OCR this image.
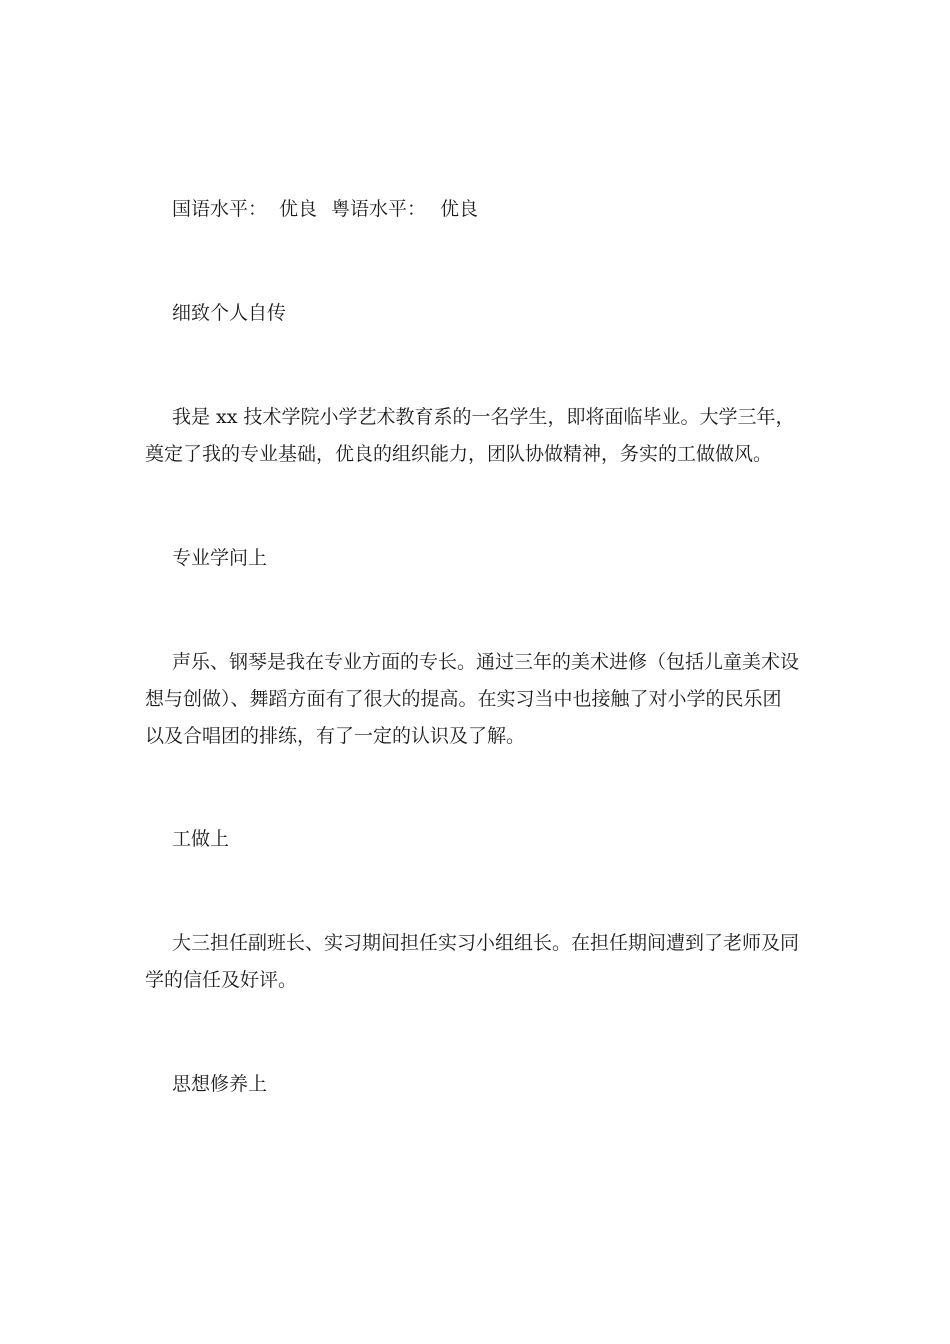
国语水平： 优良 粤语水平： 优良
细致个人自传
我是 xx 技术学院小学艺术教育系的一名学生，即将面临毕业。大学三年，
奠定了我的专业基础，优良的组织能力，团队协做精神，务实的工做做风。
专业学问上
声乐、钢琴是我在专业方面的专长。通过三年的美术进修（包括儿童美术设
想与创做）、舞蹈方面有了很大的提高。在实习当中也接触了对小学的民乐团
以及合唱团的排练，有了一定的认识及了解。
工做上
大三担任副班长、实习期间担任实习小组组长。在担任期间遭到了老师及同
学的信任及好评。
思想修养上
